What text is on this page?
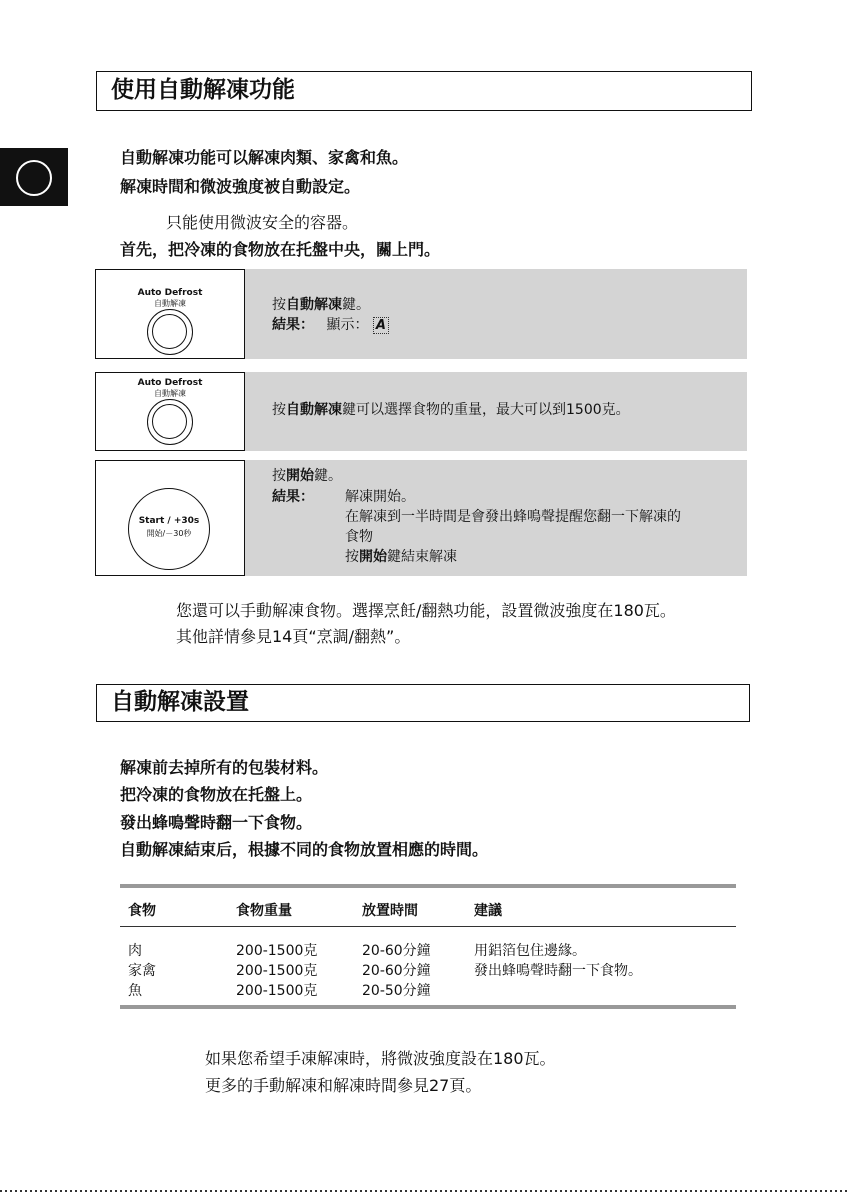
使用自動解凍功能
自動解凍功能可以解凍肉類、家禽和魚。
解凍時間和微波強度被自動設定。
只能使用微波安全的容器。
首先，把冷凍的食物放在托盤中央，關上門。
Auto Defrost
自動解凍	按自動解凍鍵。
結果： 顯示： A
Auto Defrost
自動解凍
按自動解凍鍵可以選擇食物的重量，最大可以到1500克。
Start / +30s
開始/－30秒
按開始鍵。
結果： 解凍開始。
在解凍到一半時間是會發出蜂鳴聲提醒您翻一下解凍的
食物
按開始鍵結束解凍
您還可以手動解凍食物。選擇烹飪/翻熱功能，設置微波強度在180瓦。
其他詳情參見14頁“烹調/翻熱”。
自動解凍設置
解凍前去掉所有的包裝材料。
把冷凍的食物放在托盤上。
發出蜂鳴聲時翻一下食物。
自動解凍結束后，根據不同的食物放置相應的時間。
食物	食物重量	放置時間	建議
肉	200-1500克	20-60分鐘	用鋁箔包住邊緣。
家禽	200-1500克	20-60分鐘	發出蜂鳴聲時翻一下食物。
魚	200-1500克	20-50分鐘	
如果您希望手凍解凍時，將微波強度設在180瓦。
更多的手動解凍和解凍時間參見27頁。
